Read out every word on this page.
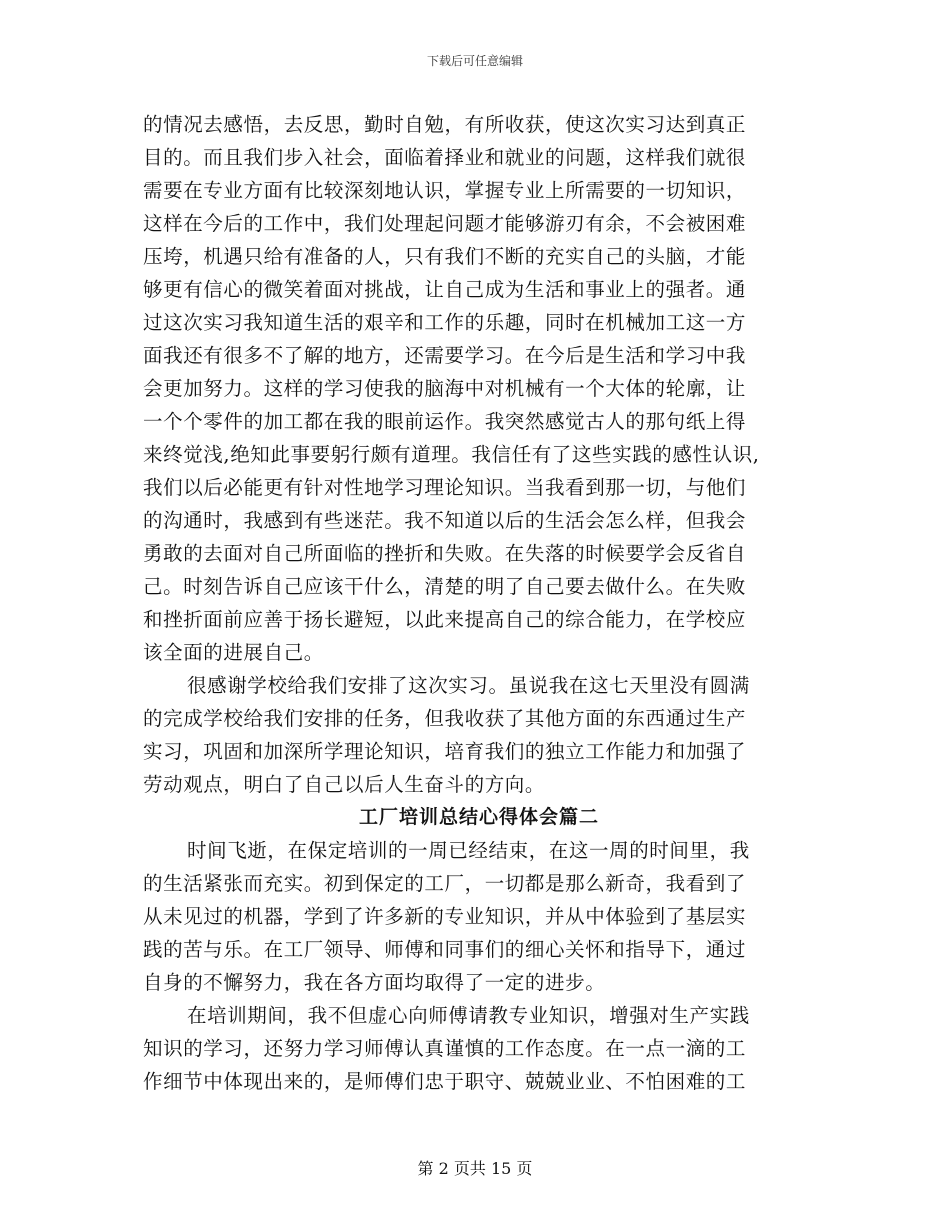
下载后可任意编辑
的情况去感悟，去反思，勤时自勉，有所收获，使这次实习达到真正
目的。而且我们步入社会，面临着择业和就业的问题，这样我们就很
需要在专业方面有比较深刻地认识，掌握专业上所需要的一切知识，
这样在今后的工作中，我们处理起问题才能够游刃有余，不会被困难
压垮，机遇只给有准备的人，只有我们不断的充实自己的头脑，才能
够更有信心的微笑着面对挑战，让自己成为生活和事业上的强者。通
过这次实习我知道生活的艰辛和工作的乐趣，同时在机械加工这一方
面我还有很多不了解的地方，还需要学习。在今后是生活和学习中我
会更加努力。这样的学习使我的脑海中对机械有一个大体的轮廓，让
一个个零件的加工都在我的眼前运作。我突然感觉古人的那句纸上得
来终觉浅,绝知此事要躬行颇有道理。我信任有了这些实践的感性认识,
我们以后必能更有针对性地学习理论知识。当我看到那一切，与他们
的沟通时，我感到有些迷茫。我不知道以后的生活会怎么样，但我会
勇敢的去面对自己所面临的挫折和失败。在失落的时候要学会反省自
己。时刻告诉自己应该干什么，清楚的明了自己要去做什么。在失败
和挫折面前应善于扬长避短，以此来提高自己的综合能力，在学校应
该全面的进展自己。
很感谢学校给我们安排了这次实习。虽说我在这七天里没有圆满
的完成学校给我们安排的任务，但我收获了其他方面的东西通过生产
实习，巩固和加深所学理论知识，培育我们的独立工作能力和加强了
劳动观点，明白了自己以后人生奋斗的方向。
工厂培训总结心得体会篇二
时间飞逝，在保定培训的一周已经结束，在这一周的时间里，我
的生活紧张而充实。初到保定的工厂，一切都是那么新奇，我看到了
从未见过的机器，学到了许多新的专业知识，并从中体验到了基层实
践的苦与乐。在工厂领导、师傅和同事们的细心关怀和指导下，通过
自身的不懈努力，我在各方面均取得了一定的进步。
在培训期间，我不但虚心向师傅请教专业知识，增强对生产实践
知识的学习，还努力学习师傅认真谨慎的工作态度。在一点一滴的工
作细节中体现出来的，是师傅们忠于职守、兢兢业业、不怕困难的工
第 2 页共 15 页
